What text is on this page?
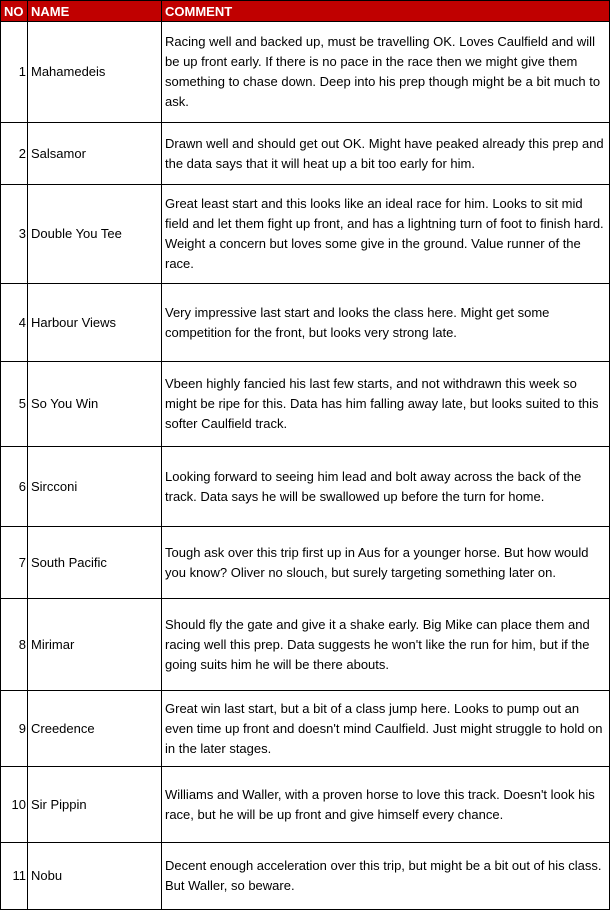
NO	NAME	COMMENT
1	Mahamedeis	Racing well and backed up, must be travelling OK. Loves Caulfield and will be up front early. If there is no pace in the race then we might give them something to chase down. Deep into his prep though might be a bit much to ask.
2	Salsamor	Drawn well and should get out OK. Might have peaked already this prep and the data says that it will heat up a bit too early for him.
3	Double You Tee	Great least start and this looks like an ideal race for him. Looks to sit mid field and let them fight up front, and has a lightning turn of foot to finish hard. Weight a concern but loves some give in the ground. Value runner of the race.
4	Harbour Views	Very impressive last start and looks the class here. Might get some competition for the front, but looks very strong late.
5	So You Win	Vbeen highly fancied his last few starts, and not withdrawn this week so might be ripe for this. Data has him falling away late, but looks suited to this softer Caulfield track.
6	Sircconi	Looking forward to seeing him lead and bolt away across the back of the track. Data says he will be swallowed up before the turn for home.
7	South Pacific	Tough ask over this trip first up in Aus for a younger horse. But how would you know? Oliver no slouch, but surely targeting something later on.
8	Mirimar	Should fly the gate and give it a shake early. Big Mike can place them and racing well this prep. Data suggests he won't like the run for him, but if the going suits him he will be there abouts.
9	Creedence	Great win last start, but a bit of a class jump here. Looks to pump out an even time up front and doesn't mind Caulfield. Just might struggle to hold on in the later stages.
10	Sir Pippin	Williams and Waller, with a proven horse to love this track. Doesn't look his race, but he will be up front and give himself every chance.
11	Nobu	Decent enough acceleration over this trip, but might be a bit out of his class. But Waller, so beware.
